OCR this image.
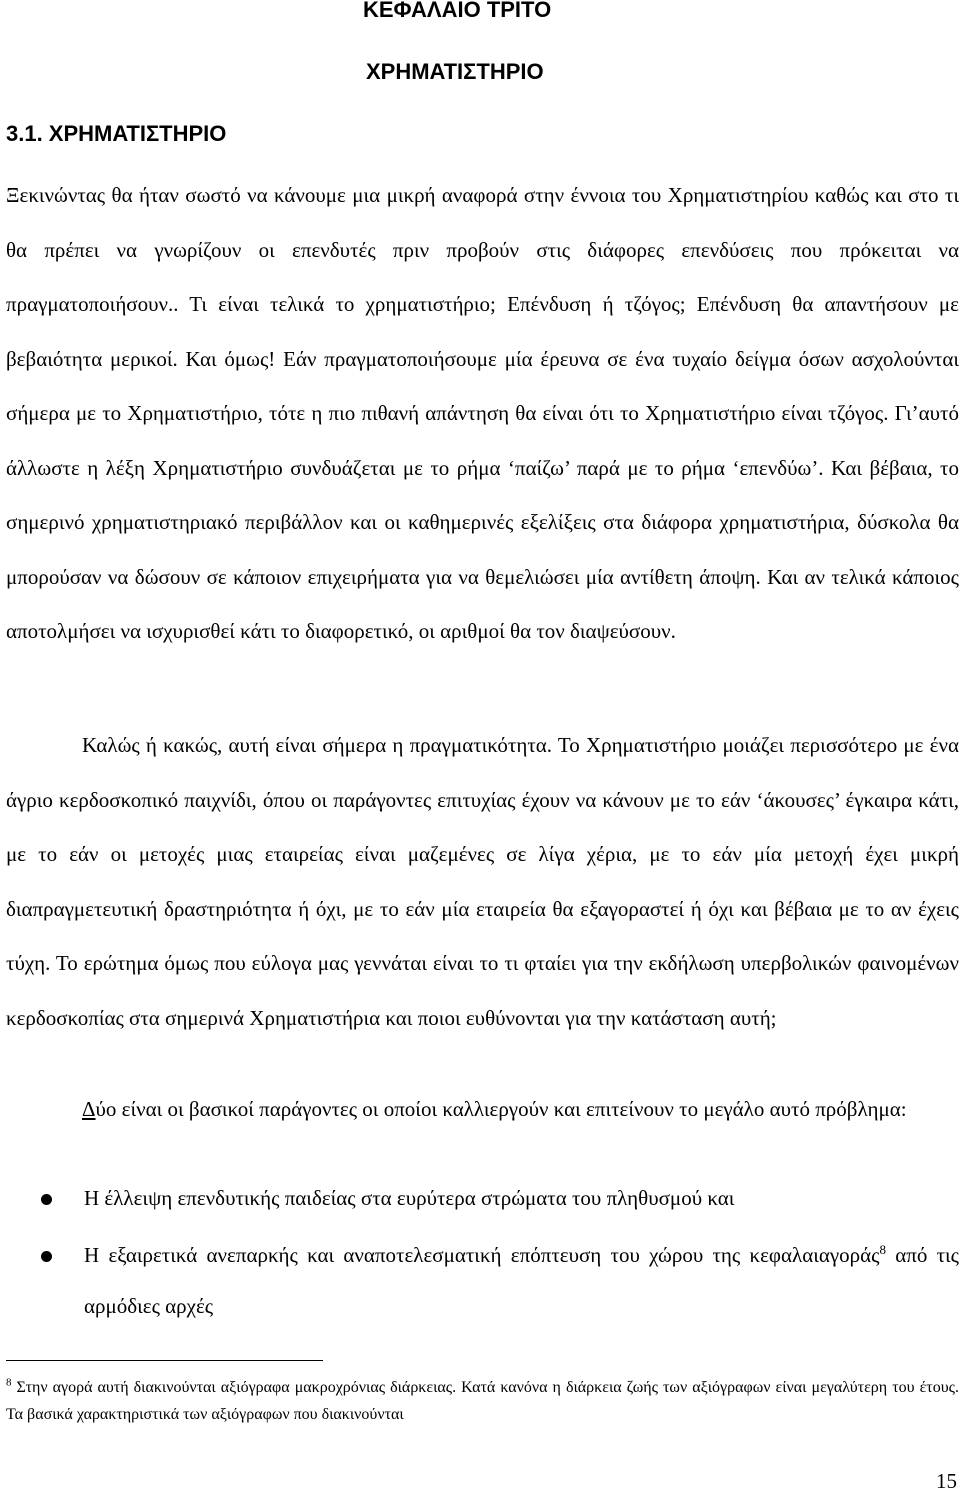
ΚΕΦΑΛΑΙΟ ΤΡΙΤΟ
ΧΡΗΜΑΤΙΣΤΗΡΙΟ
3.1. ΧΡΗΜΑΤΙΣΤΗΡΙΟ

Ξεκινώντας θα ήταν σωστό να κάνουμε μια μικρή αναφορά στην έννοια του Χρηματιστηρίου καθώς και στο τι θα πρέπει να γνωρίζουν οι επενδυτές πριν προβούν στις διάφορες επενδύσεις που πρόκειται να πραγματοποιήσουν.. Τι είναι τελικά το χρηματιστήριο; Επένδυση ή τζόγος; Επένδυση θα απαντήσουν με βεβαιότητα μερικοί. Και όμως! Εάν πραγματοποιήσουμε μία έρευνα σε ένα τυχαίο δείγμα όσων ασχολούνται σήμερα με το Χρηματιστήριο, τότε η πιο πιθανή απάντηση θα είναι ότι το Χρηματιστήριο είναι τζόγος. Γι’αυτό άλλωστε η λέξη Χρηματιστήριο συνδυάζεται με το ρήμα ‘παίζω’ παρά με το ρήμα ‘επενδύω’. Και βέβαια, το σημερινό χρηματιστηριακό περιβάλλον και οι καθημερινές εξελίξεις στα διάφορα χρηματιστήρια, δύσκολα θα μπορούσαν να δώσουν σε κάποιον επιχειρήματα για να θεμελιώσει μία αντίθετη άποψη. Και αν τελικά κάποιος αποτολμήσει να ισχυρισθεί κάτι το διαφορετικό, οι αριθμοί θα τον διαψεύσουν.

Καλώς ή κακώς, αυτή είναι σήμερα η πραγματικότητα. Το Χρηματιστήριο μοιάζει περισσότερο με ένα άγριο κερδοσκοπικό παιχνίδι, όπου οι παράγοντες επιτυχίας έχουν να κάνουν με το εάν ‘άκουσες’ έγκαιρα κάτι, με το εάν οι μετοχές μιας εταιρείας είναι μαζεμένες σε λίγα χέρια, με το εάν μία μετοχή έχει μικρή διαπραγμετευτική δραστηριότητα ή όχι, με το εάν μία εταιρεία θα εξαγοραστεί ή όχι και βέβαια με το αν έχεις τύχη. Το ερώτημα όμως που εύλογα μας γεννάται είναι το τι φταίει για την εκδήλωση υπερβολικών φαινομένων κερδοσκοπίας στα σημερινά Χρηματιστήρια και ποιοι ευθύνονται για την κατάσταση αυτή;

Δύο είναι οι βασικοί παράγοντες οι οποίοι καλλιεργούν και επιτείνουν το μεγάλο αυτό πρόβλημα:

Η έλλειψη επενδυτικής παιδείας στα ευρύτερα στρώματα του πληθυσμού και
Η εξαιρετικά ανεπαρκής και αναποτελεσματική επόπτευση του χώρου της κεφαλαιαγοράς$^8$ από τις αρμόδιες αρχές
$^8$ Στην αγορά αυτή διακινούνται αξιόγραφα μακροχρόνιας διάρκειας. Κατά κανόνα η διάρκεια ζωής των αξιόγραφων είναι μεγαλύτερη του έτους. Τα βασικά χαρακτηριστικά των αξιόγραφων που διακινούνται
15
